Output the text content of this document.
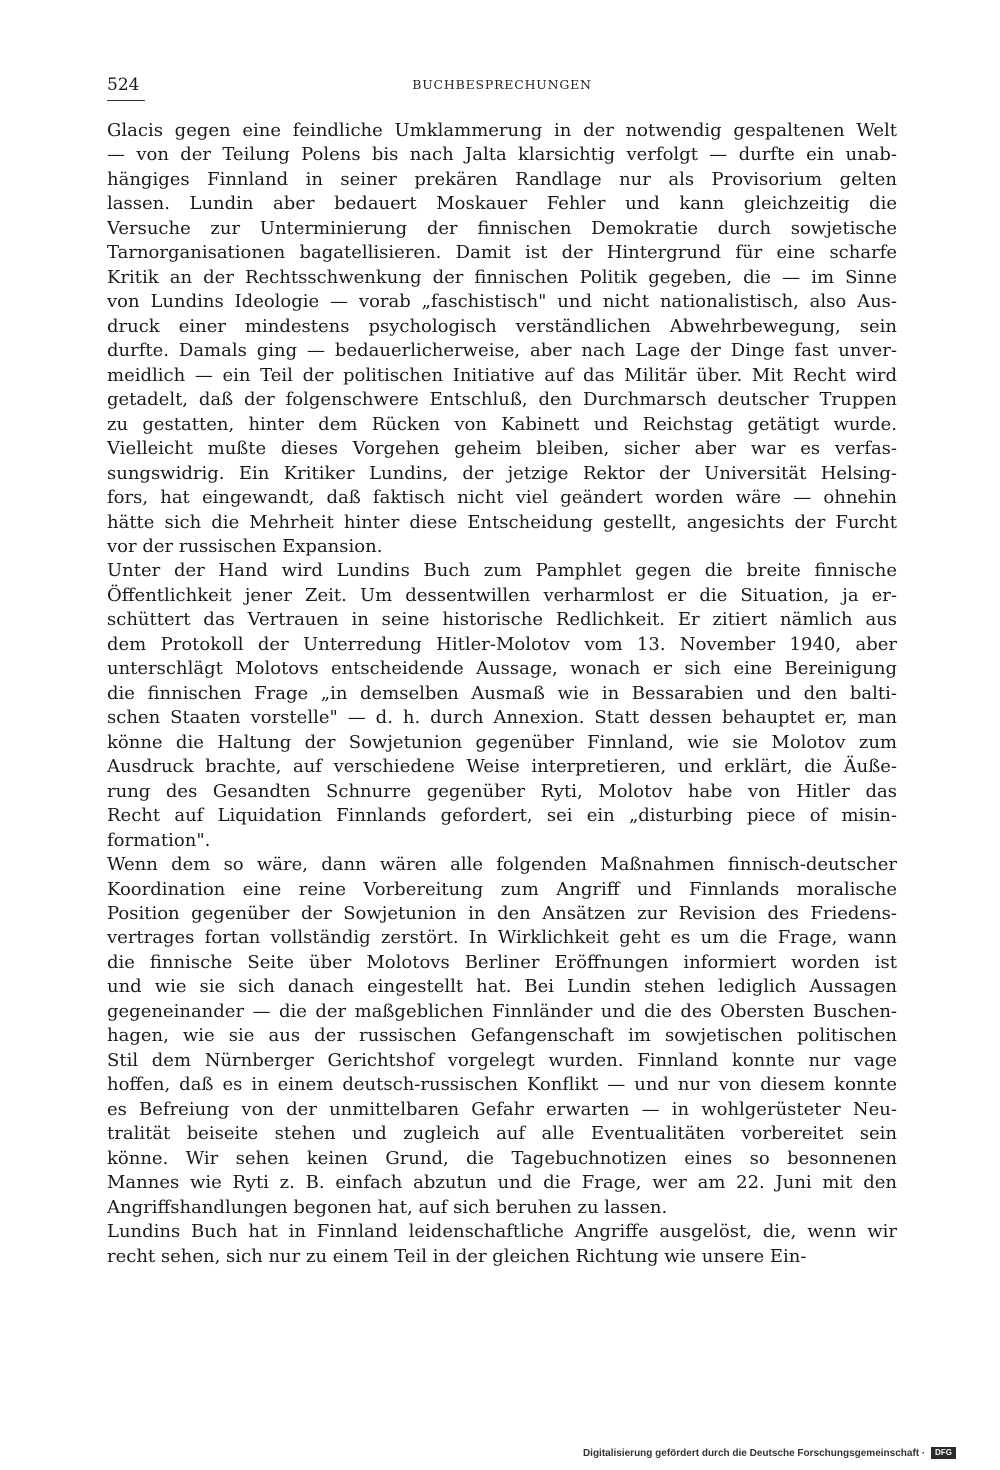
524	BUCHBESPRECHUNGEN
Glacis gegen eine feindliche Umklammerung in der notwendig gespaltenen Welt
— von der Teilung Polens bis nach Jalta klarsichtig verfolgt — durfte ein unab-
hängiges Finnland in seiner prekären Randlage nur als Provisorium gelten
lassen. Lundin aber bedauert Moskauer Fehler und kann gleichzeitig die
Versuche zur Unterminierung der finnischen Demokratie durch sowjetische
Tarnorganisationen bagatellisieren. Damit ist der Hintergrund für eine scharfe
Kritik an der Rechtsschwenkung der finnischen Politik gegeben, die — im Sinne
von Lundins Ideologie — vorab „faschistisch" und nicht nationalistisch, also Aus-
druck einer mindestens psychologisch verständlichen Abwehrbewegung, sein
durfte. Damals ging — bedauerlicherweise, aber nach Lage der Dinge fast unver-
meidlich — ein Teil der politischen Initiative auf das Militär über. Mit Recht wird
getadelt, daß der folgenschwere Entschluß, den Durchmarsch deutscher Truppen
zu gestatten, hinter dem Rücken von Kabinett und Reichstag getätigt wurde.
Vielleicht mußte dieses Vorgehen geheim bleiben, sicher aber war es verfas-
sungswidrig. Ein Kritiker Lundins, der jetzige Rektor der Universität Helsing-
fors, hat eingewandt, daß faktisch nicht viel geändert worden wäre — ohnehin
hätte sich die Mehrheit hinter diese Entscheidung gestellt, angesichts der Furcht
vor der russischen Expansion.
Unter der Hand wird Lundins Buch zum Pamphlet gegen die breite finnische
Öffentlichkeit jener Zeit. Um dessentwillen verharmlost er die Situation, ja er-
schüttert das Vertrauen in seine historische Redlichkeit. Er zitiert nämlich aus
dem Protokoll der Unterredung Hitler-Molotov vom 13. November 1940, aber
unterschlägt Molotovs entscheidende Aussage, wonach er sich eine Bereinigung
die finnischen Frage „in demselben Ausmaß wie in Bessarabien und den balti-
schen Staaten vorstelle" — d. h. durch Annexion. Statt dessen behauptet er, man
könne die Haltung der Sowjetunion gegenüber Finnland, wie sie Molotov zum
Ausdruck brachte, auf verschiedene Weise interpretieren, und erklärt, die Äuße-
rung des Gesandten Schnurre gegenüber Ryti, Molotov habe von Hitler das
Recht auf Liquidation Finnlands gefordert, sei ein „disturbing piece of misin-
formation".
Wenn dem so wäre, dann wären alle folgenden Maßnahmen finnisch-deutscher
Koordination eine reine Vorbereitung zum Angriff und Finnlands moralische
Position gegenüber der Sowjetunion in den Ansätzen zur Revision des Friedens-
vertrages fortan vollständig zerstört. In Wirklichkeit geht es um die Frage, wann
die finnische Seite über Molotovs Berliner Eröffnungen informiert worden ist
und wie sie sich danach eingestellt hat. Bei Lundin stehen lediglich Aussagen
gegeneinander — die der maßgeblichen Finnländer und die des Obersten Buschen-
hagen, wie sie aus der russischen Gefangenschaft im sowjetischen politischen
Stil dem Nürnberger Gerichtshof vorgelegt wurden. Finnland konnte nur vage
hoffen, daß es in einem deutsch-russischen Konflikt — und nur von diesem konnte
es Befreiung von der unmittelbaren Gefahr erwarten — in wohlgerüsteter Neu-
tralität beiseite stehen und zugleich auf alle Eventualitäten vorbereitet sein
könne. Wir sehen keinen Grund, die Tagebuchnotizen eines so besonnenen
Mannes wie Ryti z. B. einfach abzutun und die Frage, wer am 22. Juni mit den
Angriffshandlungen begonen hat, auf sich beruhen zu lassen.
Lundins Buch hat in Finnland leidenschaftliche Angriffe ausgelöst, die, wenn wir
recht sehen, sich nur zu einem Teil in der gleichen Richtung wie unsere Ein-
Digitalisierung gefördert durch die Deutsche Forschungsgemeinschaft · DFG
